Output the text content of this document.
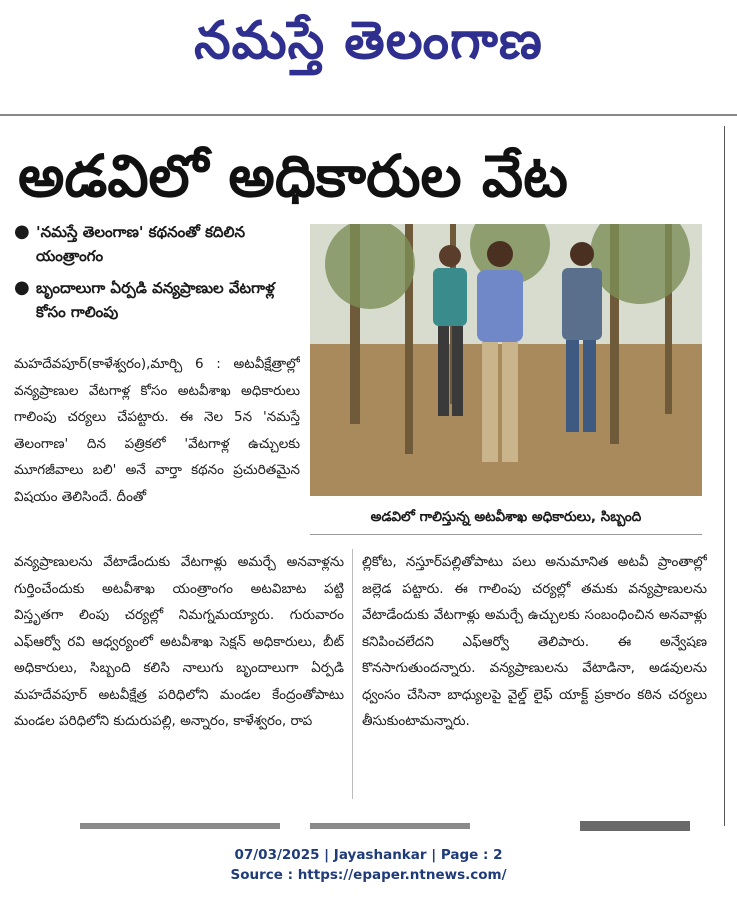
నమస్తే తెలంగాణ
అడవిలో అధికారుల వేట
● 'నమస్తే తెలంగాణ' కథనంతో కదిలిన యంత్రాంగం
● బృందాలుగా ఏర్పడి వన్యప్రాణుల వేటగాళ్ల కోసం గాలింపు
అడవిలో గాలిస్తున్న అటవీశాఖ అధికారులు, సిబ్బంది
మహదేవపూర్(కాళేశ్వరం),మార్చి 6 : అటవీక్షేత్రాల్లో వన్యప్రాణుల వేటగాళ్ల కోసం అటవీశాఖ అధికారులు గాలింపు చర్యలు చేపట్టారు. ఈ నెల 5న 'నమస్తే తెలంగాణ' దిన పత్రికలో 'వేటగాళ్ల ఉచ్చులకు మూగజీవాలు బలి' అనే వార్తా కథనం ప్రచురితమైన విషయం తెలిసిందే. దీంతో
వన్యప్రాణులను వేటాడేందుకు వేటగాళ్లు అమర్చే అనవాళ్లను గుర్తించేందుకు అటవీశాఖ యంత్రాంగం అటవిబాట పట్టి విస్తృతగా లింపు చర్యల్లో నిమగ్నమయ్యారు. గురువారం ఎఫ్ఆర్వో రవి ఆధ్వర్యంలో అటవీశాఖ సెక్షన్ అధికారులు, బీట్ అధికారులు, సిబ్బంది కలిసి నాలుగు బృందాలుగా ఏర్పడి మహదేవపూర్ అటవీక్షేత్ర పరిధిలోని మండల కేంద్రంతోపాటు మండల పరిధిలోని కుదురుపల్లి, అన్నారం, కాళేశ్వరం, రాప
ల్లికోట, నస్తూర్‌పల్లితోపాటు పలు అనుమానిత అటవీ ప్రాంతాల్లో జల్లెడ పట్టారు. ఈ గాలింపు చర్యల్లో తమకు వన్యప్రాణులను వేటాడేందుకు వేటగాళ్లు అమర్చే ఉచ్చులకు సంబంధించిన అనవాళ్లు కనిపించలేదని ఎఫ్ఆర్వో తెలిపారు. ఈ అన్వేషణ కొనసాగుతుందన్నారు. వన్యప్రాణులను వేటాడినా, అడవులను ధ్వంసం చేసినా బాధ్యులపై వైల్డ్ లైఫ్ యాక్ట్ ప్రకారం కఠిన చర్యలు తీసుకుంటామన్నారు.
07/03/2025 | Jayashankar | Page : 2
Source : https://epaper.ntnews.com/
